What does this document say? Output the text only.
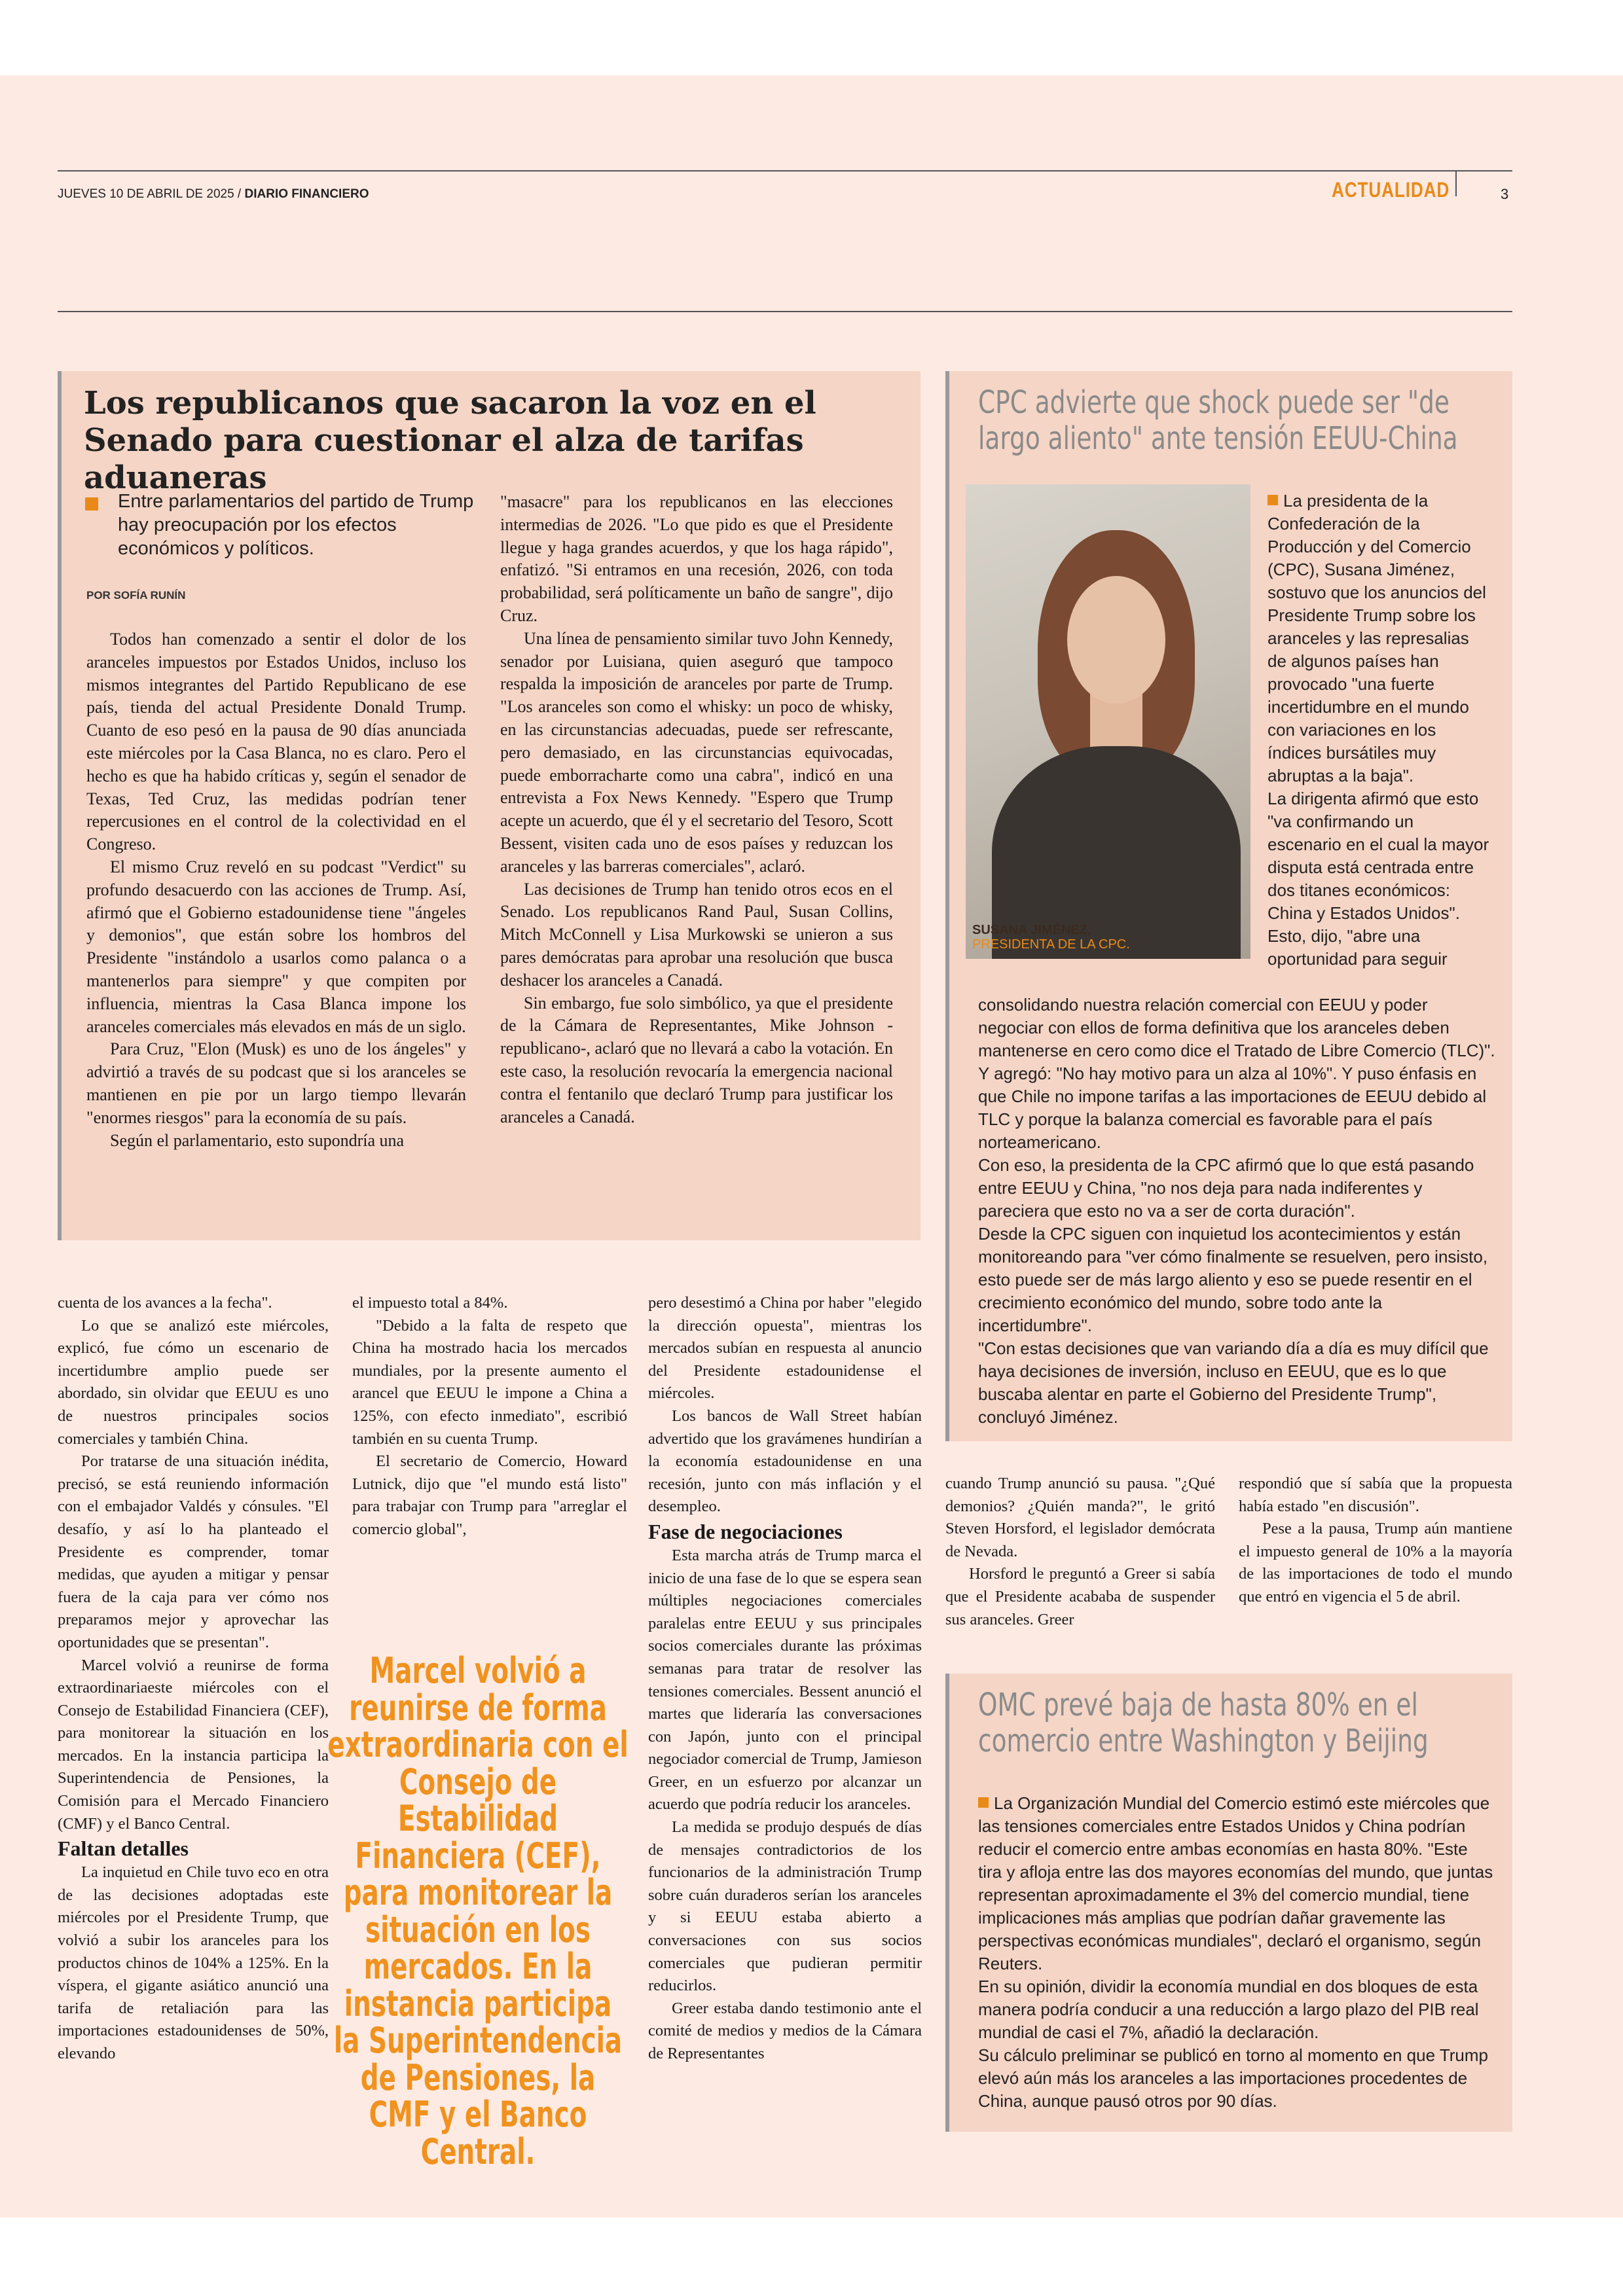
JUEVES 10 DE ABRIL DE 2025 / DIARIO FINANCIERO	ACTUALIDAD	3
Los republicanos que sacaron la voz en el Senado para cuestionar el alza de tarifas aduaneras
Entre parlamentarios del partido de Trump hay preocupación por los efectos económicos y políticos.
POR SOFÍA RUNÍN

Todos han comenzado a sentir el dolor de los aranceles impuestos por Estados Unidos, incluso los mismos integrantes del Partido Republicano de ese país, tienda del actual Presidente Donald Trump. Cuanto de eso pesó en la pausa de 90 días anunciada este miércoles por la Casa Blanca, no es claro. Pero el hecho es que ha habido críticas y, según el senador de Texas, Ted Cruz, las medidas podrían tener repercusiones en el control de la colectividad en el Congreso.

El mismo Cruz reveló en su podcast "Verdict" su profundo desacuerdo con las acciones de Trump. Así, afirmó que el Gobierno estadounidense tiene "ángeles y demonios", que están sobre los hombros del Presidente "instándolo a usarlos como palanca o a mantenerlos para siempre" y que compiten por influencia, mientras la Casa Blanca impone los aranceles comerciales más elevados en más de un siglo.

Para Cruz, "Elon (Musk) es uno de los ángeles" y advirtió a través de su podcast que si los aranceles se mantienen en pie por un largo tiempo llevarán "enormes riesgos" para la economía de su país.

Según el parlamentario, esto supondría una

"masacre" para los republicanos en las elecciones intermedias de 2026. "Lo que pido es que el Presidente llegue y haga grandes acuerdos, y que los haga rápido", enfatizó. "Si entramos en una recesión, 2026, con toda probabilidad, será políticamente un baño de sangre", dijo Cruz.

Una línea de pensamiento similar tuvo John Kennedy, senador por Luisiana, quien aseguró que tampoco respalda la imposición de aranceles por parte de Trump. "Los aranceles son como el whisky: un poco de whisky, en las circunstancias adecuadas, puede ser refrescante, pero demasiado, en las circunstancias equivocadas, puede emborracharte como una cabra", indicó en una entrevista a Fox News Kennedy. "Espero que Trump acepte un acuerdo, que él y el secretario del Tesoro, Scott Bessent, visiten cada uno de esos países y reduzcan los aranceles y las barreras comerciales", aclaró.

Las decisiones de Trump han tenido otros ecos en el Senado. Los republicanos Rand Paul, Susan Collins, Mitch McConnell y Lisa Murkowski se unieron a sus pares demócratas para aprobar una resolución que busca deshacer los aranceles a Canadá.

Sin embargo, fue solo simbólico, ya que el presidente de la Cámara de Representantes, Mike Johnson -republicano-, aclaró que no llevará a cabo la votación. En este caso, la resolución revocaría la emergencia nacional contra el fentanilo que declaró Trump para justificar los aranceles a Canadá.

cuenta de los avances a la fecha".

Lo que se analizó este miércoles, explicó, fue cómo un escenario de incertidumbre amplio puede ser abordado, sin olvidar que EEUU es uno de nuestros principales socios comerciales y también China.

Por tratarse de una situación inédita, precisó, se está reuniendo información con el embajador Valdés y cónsules. "El desafío, y así lo ha planteado el Presidente es comprender, tomar medidas, que ayuden a mitigar y pensar fuera de la caja para ver cómo nos preparamos mejor y aprovechar las oportunidades que se presentan".

Marcel volvió a reunirse de forma extraordinariaeste miércoles con el Consejo de Estabilidad Financiera (CEF), para monitorear la situación en los mercados. En la instancia participa la Superintendencia de Pensiones, la Comisión para el Mercado Financiero (CMF) y el Banco Central.

Faltan detalles

La inquietud en Chile tuvo eco en otra de las decisiones adoptadas este miércoles por el Presidente Trump, que volvió a subir los aranceles para los productos chinos de 104% a 125%. En la víspera, el gigante asiático anunció una tarifa de retaliación para las importaciones estadounidenses de 50%, elevando

el impuesto total a 84%.

"Debido a la falta de respeto que China ha mostrado hacia los mercados mundiales, por la presente aumento el arancel que EEUU le impone a China a 125%, con efecto inmediato", escribió también en su cuenta Trump.

El secretario de Comercio, Howard Lutnick, dijo que "el mundo está listo" para trabajar con Trump para "arreglar el comercio global",

Marcel volvió a reunirse de forma extraordinaria con el Consejo de Estabilidad Financiera (CEF), para monitorear la situación en los mercados. En la instancia participa la Superintendencia de Pensiones, la CMF y el Banco Central.

pero desestimó a China por haber "elegido la dirección opuesta", mientras los mercados subían en respuesta al anuncio del Presidente estadounidense el miércoles.

Los bancos de Wall Street habían advertido que los gravámenes hundirían a la economía estadounidense en una recesión, junto con más inflación y el desempleo.

Fase de negociaciones

Esta marcha atrás de Trump marca el inicio de una fase de lo que se espera sean múltiples negociaciones comerciales paralelas entre EEUU y sus principales socios comerciales durante las próximas semanas para tratar de resolver las tensiones comerciales. Bessent anunció el martes que lideraría las conversaciones con Japón, junto con el principal negociador comercial de Trump, Jamieson Greer, en un esfuerzo por alcanzar un acuerdo que podría reducir los aranceles.

La medida se produjo después de días de mensajes contradictorios de los funcionarios de la administración Trump sobre cuán duraderos serían los aranceles y si EEUU estaba abierto a conversaciones con sus socios comerciales que pudieran permitir reducirlos.

Greer estaba dando testimonio ante el comité de medios y medios de la Cámara de Representantes

cuando Trump anunció su pausa. "¿Qué demonios? ¿Quién manda?", le gritó Steven Horsford, el legislador demócrata de Nevada.

Horsford le preguntó a Greer si sabía que el Presidente acababa de suspender sus aranceles. Greer

respondió que sí sabía que la propuesta había estado "en discusión".

Pese a la pausa, Trump aún mantiene el impuesto general de 10% a la mayoría de las importaciones de todo el mundo que entró en vigencia el 5 de abril.

CPC advierte que shock puede ser "de largo aliento" ante tensión EEUU-China
SUSANA JIMÉNEZ,
PRESIDENTA DE LA CPC.

La presidenta de la Confederación de la Producción y del Comercio (CPC), Susana Jiménez, sostuvo que los anuncios del Presidente Trump sobre los aranceles y las represalias de algunos países han provocado "una fuerte incertidumbre en el mundo con variaciones en los índices bursátiles muy abruptas a la baja".

La dirigenta afirmó que esto "va confirmando un escenario en el cual la mayor disputa está centrada entre dos titanes económicos: China y Estados Unidos".

Esto, dijo, "abre una oportunidad para seguir

consolidando nuestra relación comercial con EEUU y poder negociar con ellos de forma definitiva que los aranceles deben mantenerse en cero como dice el Tratado de Libre Comercio (TLC)". Y agregó: "No hay motivo para un alza al 10%". Y puso énfasis en que Chile no impone tarifas a las importaciones de EEUU debido al TLC y porque la balanza comercial es favorable para el país norteamericano.

Con eso, la presidenta de la CPC afirmó que lo que está pasando entre EEUU y China, "no nos deja para nada indiferentes y pareciera que esto no va a ser de corta duración".

Desde la CPC siguen con inquietud los acontecimientos y están monitoreando para "ver cómo finalmente se resuelven, pero insisto, esto puede ser de más largo aliento y eso se puede resentir en el crecimiento económico del mundo, sobre todo ante la incertidumbre".

"Con estas decisiones que van variando día a día es muy difícil que haya decisiones de inversión, incluso en EEUU, que es lo que buscaba alentar en parte el Gobierno del Presidente Trump", concluyó Jiménez.

OMC prevé baja de hasta 80% en el comercio entre Washington y Beijing

La Organización Mundial del Comercio estimó este miércoles que las tensiones comerciales entre Estados Unidos y China podrían reducir el comercio entre ambas economías en hasta 80%. "Este tira y afloja entre las dos mayores economías del mundo, que juntas representan aproximadamente el 3% del comercio mundial, tiene implicaciones más amplias que podrían dañar gravemente las perspectivas económicas mundiales", declaró el organismo, según Reuters.

En su opinión, dividir la economía mundial en dos bloques de esta manera podría conducir a una reducción a largo plazo del PIB real mundial de casi el 7%, añadió la declaración.

Su cálculo preliminar se publicó en torno al momento en que Trump elevó aún más los aranceles a las importaciones procedentes de China, aunque pausó otros por 90 días.
